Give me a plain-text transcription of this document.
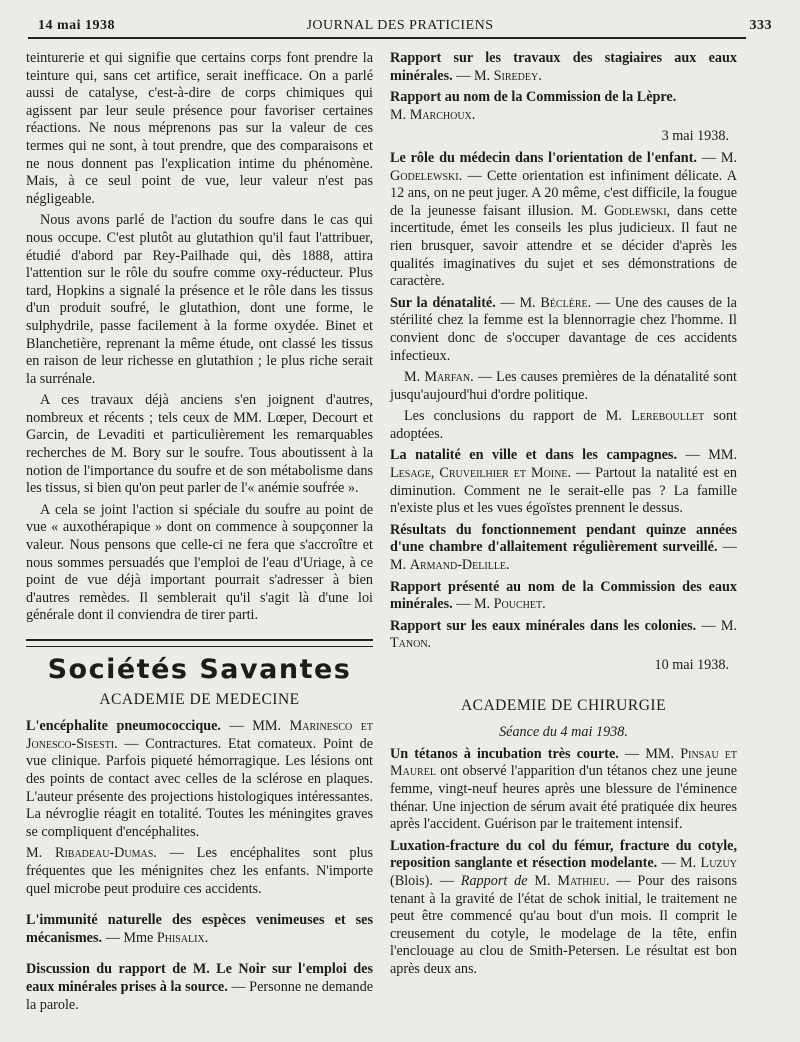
14 mai 1938	JOURNAL DES PRATICIENS	333

teinturerie et qui signifie que certains corps font prendre la teinture qui, sans cet artifice, serait inefficace. On a parlé aussi de catalyse, c'est-à-dire de corps chimiques qui agissent par leur seule présence pour favoriser certaines réactions. Ne nous méprenons pas sur la valeur de ces termes qui ne sont, à tout prendre, que des comparaisons et ne nous donnent pas l'explication intime du phénomène. Mais, à ce seul point de vue, leur valeur n'est pas négligeable.

Nous avons parlé de l'action du soufre dans le cas qui nous occupe. C'est plutôt au glutathion qu'il faut l'attribuer, étudié d'abord par Rey-Pailhade qui, dès 1888, attira l'attention sur le rôle du soufre comme oxy-réducteur. Plus tard, Hopkins a signalé la présence et le rôle dans les tissus d'un produit soufré, le glutathion, dont une forme, le sulphydrile, passe facilement à la forme oxydée. Binet et Blanchetière, reprenant la même étude, ont classé les tissus en raison de leur richesse en glutathion ; le plus riche serait la surrénale.

A ces travaux déjà anciens s'en joignent d'autres, nombreux et récents ; tels ceux de MM. Lœper, Decourt et Garcin, de Levaditi et particulièrement les remarquables recherches de M. Bory sur le soufre. Tous aboutissent à la notion de l'importance du soufre et de son métabolisme dans les tissus, si bien qu'on peut parler de l'« anémie soufrée ».

A cela se joint l'action si spéciale du soufre au point de vue « auxothérapique » dont on commence à soupçonner la valeur. Nous pensons que celle-ci ne fera que s'accroître et nous sommes persuadés que l'emploi de l'eau d'Uriage, à ce point de vue déjà important pourrait s'adresser à bien d'autres remèdes. Il semblerait qu'il s'agit là d'une loi générale dont il conviendra de tirer parti.

Sociétés Savantes
ACADEMIE DE MEDECINE

L'encéphalite pneumococcique. — MM. Marinesco et Jonesco-Sisesti. — Contractures. Etat comateux. Point de vue clinique. Parfois piqueté hémorragique. Les lésions ont des points de contact avec celles de la sclérose en plaques. L'auteur présente des projections histologiques intéressantes. La névroglie réagit en totalité. Toutes les méningites graves se compliquent d'encéphalites.

M. Ribadeau-Dumas. — Les encéphalites sont plus fréquentes que les ménignites chez les enfants. N'importe quel microbe peut produire ces accidents.

L'immunité naturelle des espèces venimeuses et ses mécanismes. — Mme Phisalix.

Discussion du rapport de M. Le Noir sur l'emploi des eaux minérales prises à la source. — Personne ne demande la parole.

Rapport sur les travaux des stagiaires aux eaux minérales. — M. Siredey.

Rapport au nom de la Commission de la Lèpre.
M. Marchoux.

3 mai 1938.

Le rôle du médecin dans l'orientation de l'enfant. — M. Godelewski. — Cette orientation est infiniment délicate. A 12 ans, on ne peut juger. A 20 même, c'est difficile, la fougue de la jeunesse faisant illusion. M. Godlewski, dans cette incertitude, émet les conseils les plus judicieux. Il faut ne rien brusquer, savoir attendre et se décider d'après les qualités imaginatives du sujet et ses démonstrations de caractère.

Sur la dénatalité. — M. Béclère. — Une des causes de la stérilité chez la femme est la blennorragie chez l'homme. Il convient donc de s'occuper davantage de ces accidents infectieux.

M. Marfan. — Les causes premières de la dénatalité sont jusqu'aujourd'hui d'ordre politique.

Les conclusions du rapport de M. Lereboullet sont adoptées.

La natalité en ville et dans les campagnes. — MM. Lesage, Cruveilhier et Moine. — Partout la natalité est en diminution. Comment ne le serait-elle pas ? La famille n'existe plus et les vues égoïstes prennent le dessus.

Résultats du fonctionnement pendant quinze années d'une chambre d'allaitement régulièrement surveillé. — M. Armand-Delille.

Rapport présenté au nom de la Commission des eaux minérales. — M. Pouchet.

Rapport sur les eaux minérales dans les colonies. — M. Tanon.

10 mai 1938.

ACADEMIE DE CHIRURGIE

Séance du 4 mai 1938.

Un tétanos à incubation très courte. — MM. Pinsau et Maurel ont observé l'apparition d'un tétanos chez une jeune femme, vingt-neuf heures après une blessure de l'éminence thénar. Une injection de sérum avait été pratiquée dix heures après l'accident. Guérison par le traitement intensif.

Luxation-fracture du col du fémur, fracture du cotyle, reposition sanglante et résection modelante. — M. Luzuy (Blois). — Rapport de M. Mathieu. — Pour des raisons tenant à la gravité de l'état de schok initial, le traitement ne peut être commencé qu'au bout d'un mois. Il comprit le creusement du cotyle, le modelage de la tête, enfin l'enclouage au clou de Smith-Petersen. Le résultat est bon après deux ans.
